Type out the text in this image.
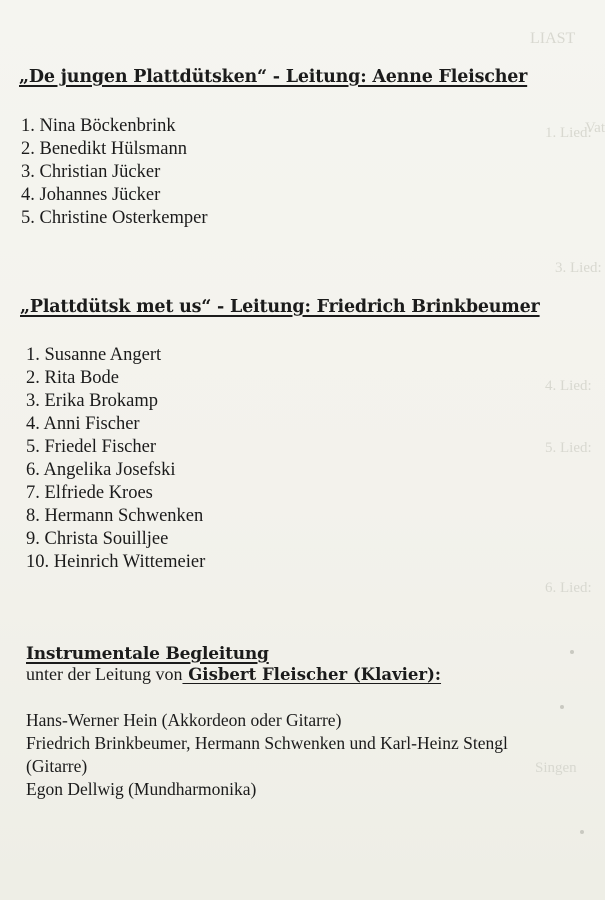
LIAST
1. Lied:
Vat
3. Lied:
4. Lied:
5. Lied:
6. Lied:
Singen
„De jungen Plattdütsken“ - Leitung: Aenne Fleischer
1. Nina Böckenbrink
2. Benedikt Hülsmann
3. Christian Jücker
4. Johannes Jücker
5. Christine Osterkemper
„Plattdütsk met us“ - Leitung: Friedrich Brinkbeumer
1. Susanne Angert
2. Rita Bode
3. Erika Brokamp
4. Anni Fischer
5. Friedel Fischer
6. Angelika Josefski
7. Elfriede Kroes
8. Hermann Schwenken
9. Christa Souilljee
10. Heinrich Wittemeier
Instrumentale Begleitung
unter der Leitung von Gisbert Fleischer (Klavier):
Hans-Werner Hein (Akkordeon oder Gitarre)
Friedrich Brinkbeumer, Hermann Schwenken und Karl-Heinz Stengl
(Gitarre)
Egon Dellwig (Mundharmonika)
